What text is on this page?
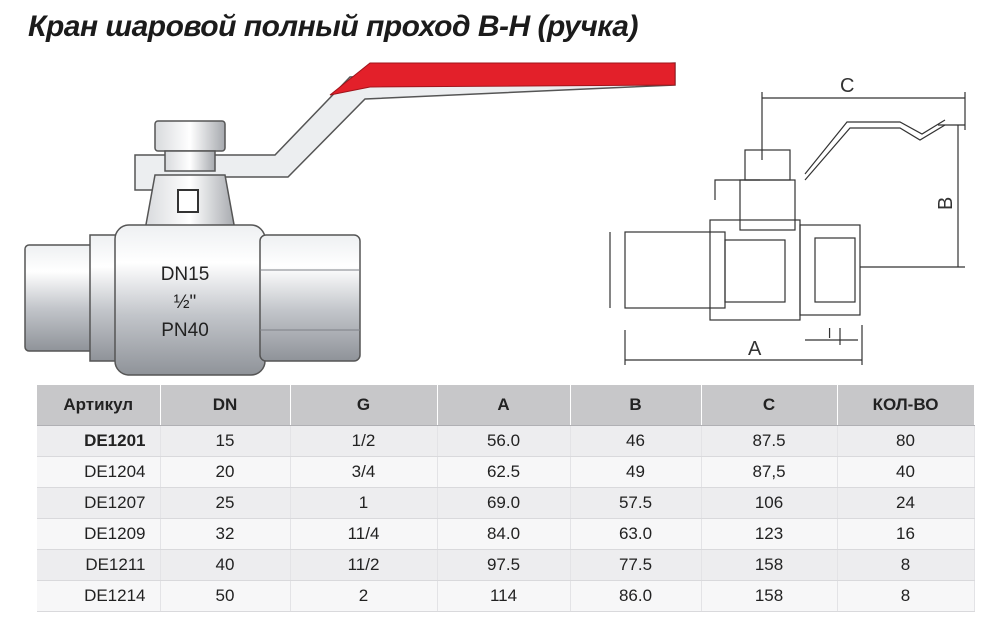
Кран шаровой полный проход В-Н (ручка)
DN15
½"
PN40
C
B
A
l
Артикул	DN	G	A	B	C	КОЛ-ВО
DE1201	15	1/2	56.0	46	87.5	80
DE1204	20	3/4	62.5	49	87,5	40
DE1207	25	1	69.0	57.5	106	24
DE1209	32	11/4	84.0	63.0	123	16
DE1211	40	11/2	97.5	77.5	158	8
DE1214	50	2	114	86.0	158	8
